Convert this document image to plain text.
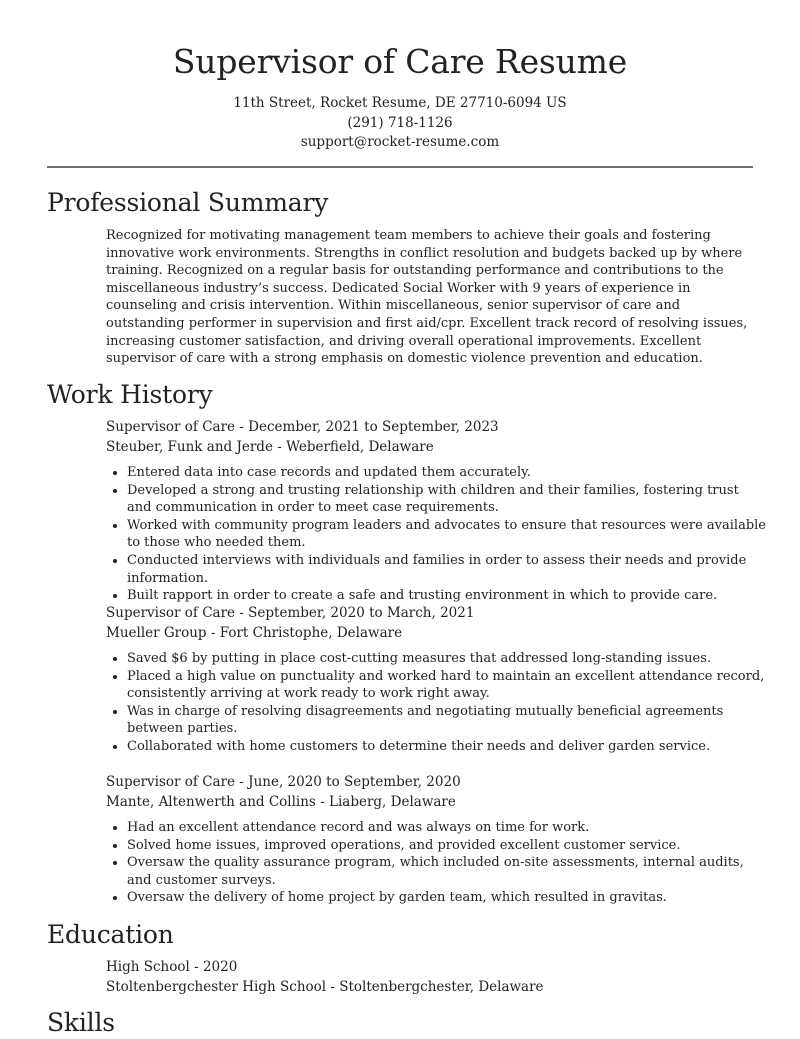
Supervisor of Care Resume
11th Street, Rocket Resume, DE 27710-6094 US
(291) 718-1126
support@rocket-resume.com
Professional Summary
Recognized for motivating management team members to achieve their goals and fostering innovative work environments. Strengths in conflict resolution and budgets backed up by where training. Recognized on a regular basis for outstanding performance and contributions to the miscellaneous industry’s success. Dedicated Social Worker with 9 years of experience in counseling and crisis intervention. Within miscellaneous, senior supervisor of care and outstanding performer in supervision and first aid/cpr. Excellent track record of resolving issues, increasing customer satisfaction, and driving overall operational improvements. Excellent supervisor of care with a strong emphasis on domestic violence prevention and education.
Work History
Supervisor of Care - December, 2021 to September, 2023
Steuber, Funk and Jerde - Weberfield, Delaware
• Entered data into case records and updated them accurately.
• Developed a strong and trusting relationship with children and their families, fostering trust and communication in order to meet case requirements.
• Worked with community program leaders and advocates to ensure that resources were available to those who needed them.
• Conducted interviews with individuals and families in order to assess their needs and provide information.
• Built rapport in order to create a safe and trusting environment in which to provide care.
Supervisor of Care - September, 2020 to March, 2021
Mueller Group - Fort Christophe, Delaware
• Saved $6 by putting in place cost-cutting measures that addressed long-standing issues.
• Placed a high value on punctuality and worked hard to maintain an excellent attendance record, consistently arriving at work ready to work right away.
• Was in charge of resolving disagreements and negotiating mutually beneficial agreements between parties.
• Collaborated with home customers to determine their needs and deliver garden service.
Supervisor of Care - June, 2020 to September, 2020
Mante, Altenwerth and Collins - Liaberg, Delaware
• Had an excellent attendance record and was always on time for work.
• Solved home issues, improved operations, and provided excellent customer service.
• Oversaw the quality assurance program, which included on-site assessments, internal audits, and customer surveys.
• Oversaw the delivery of home project by garden team, which resulted in gravitas.
Education
High School - 2020
Stoltenbergchester High School - Stoltenbergchester, Delaware
Skills
